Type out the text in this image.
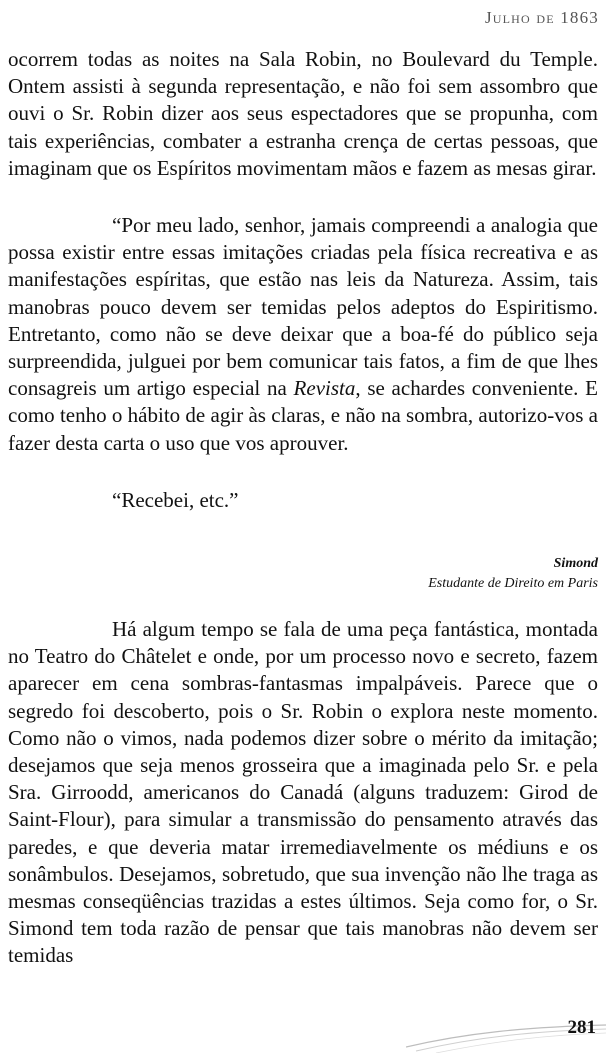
Julho de 1863

ocorrem todas as noites na Sala Robin, no Boulevard du Temple. Ontem assisti à segunda representação, e não foi sem assombro que ouvi o Sr. Robin dizer aos seus espectadores que se propunha, com tais experiências, combater a estranha crença de certas pessoas, que imaginam que os Espíritos movimentam mãos e fazem as mesas girar.

“Por meu lado, senhor, jamais compreendi a analogia que possa existir entre essas imitações criadas pela física recreativa e as manifestações espíritas, que estão nas leis da Natureza. Assim, tais manobras pouco devem ser temidas pelos adeptos do Espiritismo. Entretanto, como não se deve deixar que a boa-fé do público seja surpreendida, julguei por bem comunicar tais fatos, a fim de que lhes consagreis um artigo especial na Revista, se achardes conveniente. E como tenho o hábito de agir às claras, e não na sombra, autorizo-vos a fazer desta carta o uso que vos aprouver.

“Recebei, etc.”

Simond

Estudante de Direito em Paris

Há algum tempo se fala de uma peça fantástica, montada no Teatro do Châtelet e onde, por um processo novo e secreto, fazem aparecer em cena sombras-fantasmas impalpáveis. Parece que o segredo foi descoberto, pois o Sr. Robin o explora neste momento. Como não o vimos, nada podemos dizer sobre o mérito da imitação; desejamos que seja menos grosseira que a imaginada pelo Sr. e pela Sra. Girroodd, americanos do Canadá (alguns traduzem: Girod de Saint-Flour), para simular a transmissão do pensamento através das paredes, e que deveria matar irremediavelmente os médiuns e os sonâmbulos. Desejamos, sobretudo, que sua invenção não lhe traga as mesmas conseqüências trazidas a estes últimos. Seja como for, o Sr. Simond tem toda razão de pensar que tais manobras não devem ser temidas

281
